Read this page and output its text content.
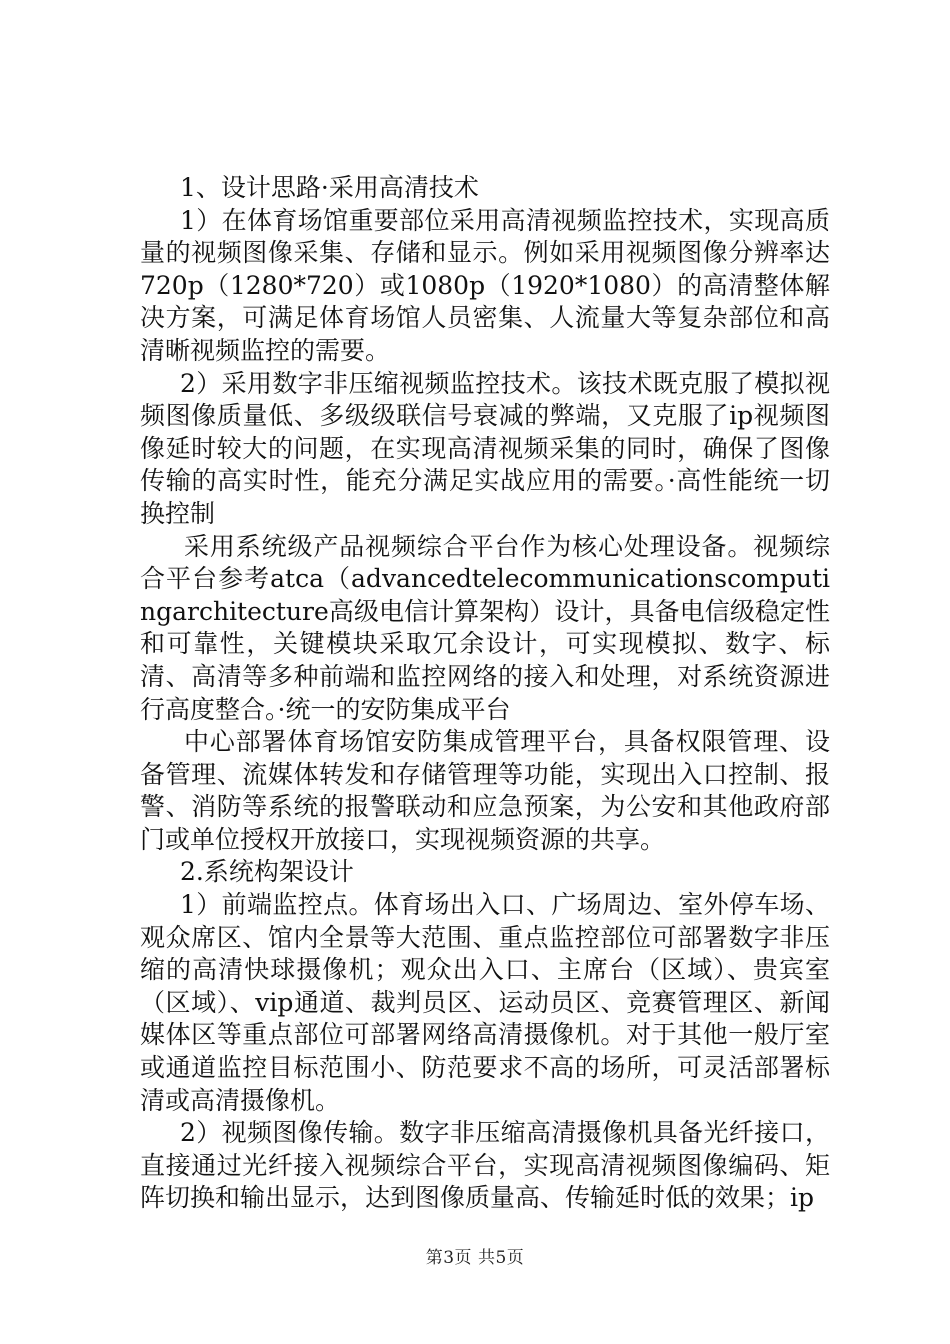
1、设计思路·采用高清技术

1）在体育场馆重要部位采用高清视频监控技术，实现高质量的视频图像采集、存储和显示。例如采用视频图像分辨率达720p（1280*720）或1080p（1920*1080）的高清整体解决方案，可满足体育场馆人员密集、人流量大等复杂部位和高清晰视频监控的需要。

2）采用数字非压缩视频监控技术。该技术既克服了模拟视频图像质量低、多级级联信号衰减的弊端，又克服了ip视频图像延时较大的问题，在实现高清视频采集的同时，确保了图像传输的高实时性，能充分满足实战应用的需要。·高性能统一切换控制

采用系统级产品视频综合平台作为核心处理设备。视频综合平台参考atca（advancedtelecommunicationscomputingarchitecture高级电信计算架构）设计，具备电信级稳定性和可靠性，关键模块采取冗余设计，可实现模拟、数字、标清、高清等多种前端和监控网络的接入和处理，对系统资源进行高度整合。·统一的安防集成平台

中心部署体育场馆安防集成管理平台，具备权限管理、设备管理、流媒体转发和存储管理等功能，实现出入口控制、报警、消防等系统的报警联动和应急预案，为公安和其他政府部门或单位授权开放接口，实现视频资源的共享。

2.系统构架设计

1）前端监控点。体育场出入口、广场周边、室外停车场、观众席区、馆内全景等大范围、重点监控部位可部署数字非压缩的高清快球摄像机；观众出入口、主席台（区域）、贵宾室（区域）、vip通道、裁判员区、运动员区、竞赛管理区、新闻媒体区等重点部位可部署网络高清摄像机。对于其他一般厅室或通道监控目标范围小、防范要求不高的场所，可灵活部署标清或高清摄像机。

2）视频图像传输。数字非压缩高清摄像机具备光纤接口，直接通过光纤接入视频综合平台，实现高清视频图像编码、矩阵切换和输出显示，达到图像质量高、传输延时低的效果；ip

第3页 共5页
